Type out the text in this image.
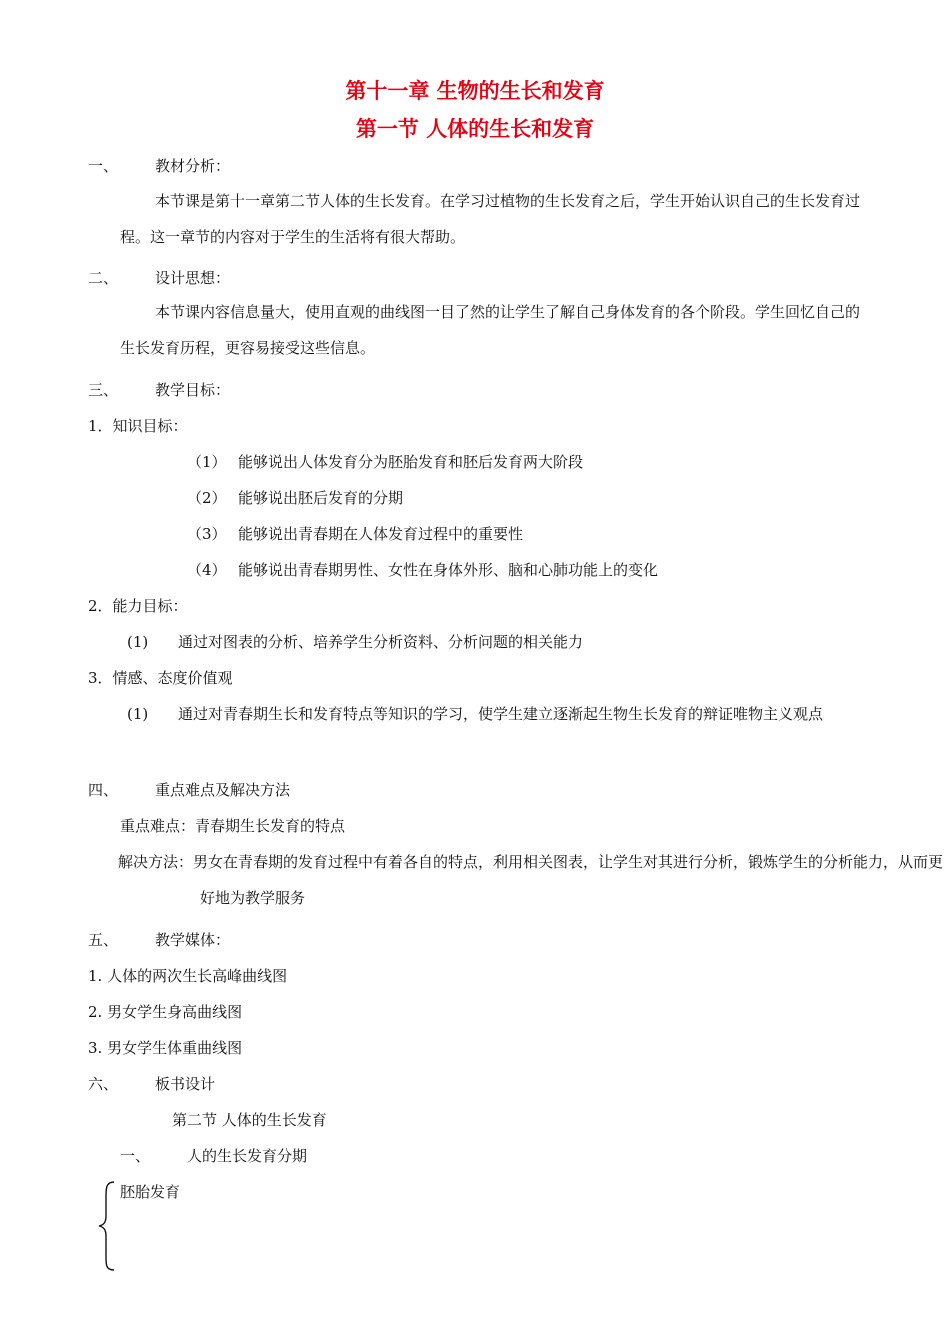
第十一章 生物的生长和发育
第一节 人体的生长和发育
一、 教材分析：
本节课是第十一章第二节人体的生长发育。在学习过植物的生长发育之后，学生开始认识自己的生长发育过程。这一章节的内容对于学生的生活将有很大帮助。
二、 设计思想：
本节课内容信息量大，使用直观的曲线图一目了然的让学生了解自己身体发育的各个阶段。学生回忆自己的生长发育历程，更容易接受这些信息。
三、 教学目标：
1．知识目标：
（1） 能够说出人体发育分为胚胎发育和胚后发育两大阶段
（2） 能够说出胚后发育的分期
（3） 能够说出青春期在人体发育过程中的重要性
（4） 能够说出青春期男性、女性在身体外形、脑和心肺功能上的变化
2．能力目标：
(1) 通过对图表的分析、培养学生分析资料、分析问题的相关能力
3．情感、态度价值观
(1) 通过对青春期生长和发育特点等知识的学习，使学生建立逐渐起生物生长发育的辩证唯物主义观点
四、 重点难点及解决方法
重点难点：青春期生长发育的特点
解决方法：男女在青春期的发育过程中有着各自的特点，利用相关图表，让学生对其进行分析，锻炼学生的分析能力，从而更好地为教学服务
五、 教学媒体：
1. 人体的两次生长高峰曲线图
2. 男女学生身高曲线图
3. 男女学生体重曲线图
六、 板书设计
第二节 人体的生长发育
一、 人的生长发育分期
胚胎发育
